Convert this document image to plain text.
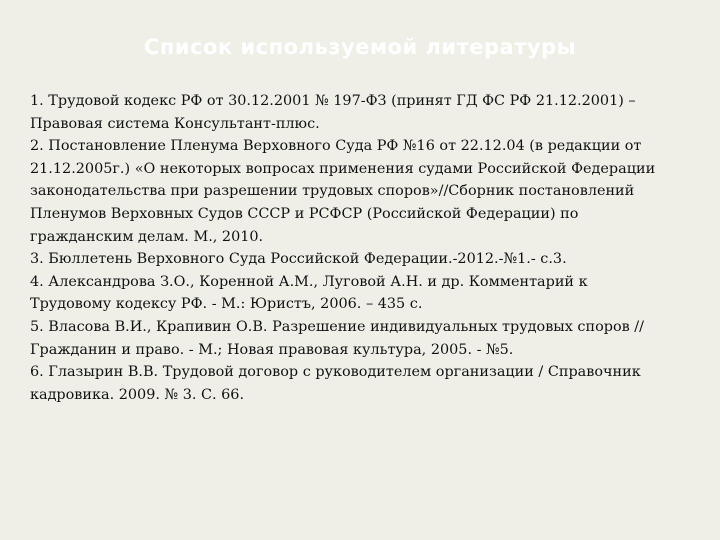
Список используемой литературы
1. Трудовой кодекс РФ от 30.12.2001 № 197-ФЗ (принят ГД ФС РФ 21.12.2001) – Правовая система Консультант-плюс.
2. Постановление Пленума Верховного Суда РФ №16 от 22.12.04 (в редакции от 21.12.2005г.) «О некоторых вопросах применения судами Российской Федерации законодательства при разрешении трудовых споров»//Сборник постановлений Пленумов Верховных Судов СССР и РСФСР (Российской Федерации) по гражданским делам. М., 2010.
3. Бюллетень Верховного Суда Российской Федерации.-2012.-№1.- с.3.
4. Александрова З.О., Коренной А.М., Луговой А.Н. и др. Комментарий к Трудовому кодексу РФ. - М.: Юристъ, 2006. – 435 с.
5. Власова В.И., Крапивин О.В. Разрешение индивидуальных трудовых споров // Гражданин и право. - М.; Новая правовая культура, 2005. - №5.
6. Глазырин В.В. Трудовой договор с руководителем организации / Справочник кадровика. 2009. № 3. С. 66.
